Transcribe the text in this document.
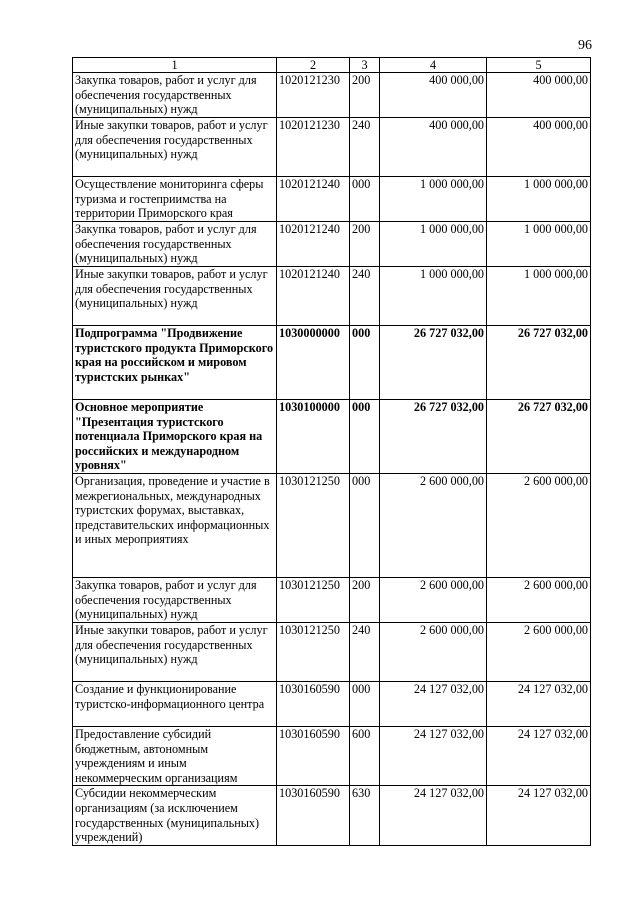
96
1	2	3	4	5
Закупка товаров, работ и услуг для обеспечения государственных (муниципальных) нужд	1020121230	200	400 000,00	400 000,00
Иные закупки товаров, работ и услуг для обеспечения государственных (муниципальных) нужд	1020121230	240	400 000,00	400 000,00
Осуществление мониторинга сферы туризма и гостеприимства на территории Приморского края	1020121240	000	1 000 000,00	1 000 000,00
Закупка товаров, работ и услуг для обеспечения государственных (муниципальных) нужд	1020121240	200	1 000 000,00	1 000 000,00
Иные закупки товаров, работ и услуг для обеспечения государственных (муниципальных) нужд	1020121240	240	1 000 000,00	1 000 000,00
Подпрограмма "Продвижение туристского продукта Приморского края на российском и мировом туристских рынках"	1030000000	000	26 727 032,00	26 727 032,00
Основное мероприятие "Презентация туристского потенциала Приморского края на российских и международном уровнях"	1030100000	000	26 727 032,00	26 727 032,00
Организация, проведение и участие в межрегиональных, международных туристских форумах, выставках, представительских информационных и иных мероприятиях	1030121250	000	2 600 000,00	2 600 000,00
Закупка товаров, работ и услуг для обеспечения государственных (муниципальных) нужд	1030121250	200	2 600 000,00	2 600 000,00
Иные закупки товаров, работ и услуг для обеспечения государственных (муниципальных) нужд	1030121250	240	2 600 000,00	2 600 000,00
Создание и функционирование туристско-информационного центра	1030160590	000	24 127 032,00	24 127 032,00
Предоставление субсидий бюджетным, автономным учреждениям и иным некоммерческим организациям	1030160590	600	24 127 032,00	24 127 032,00
Субсидии некоммерческим организациям (за исключением государственных (муниципальных) учреждений)	1030160590	630	24 127 032,00	24 127 032,00
